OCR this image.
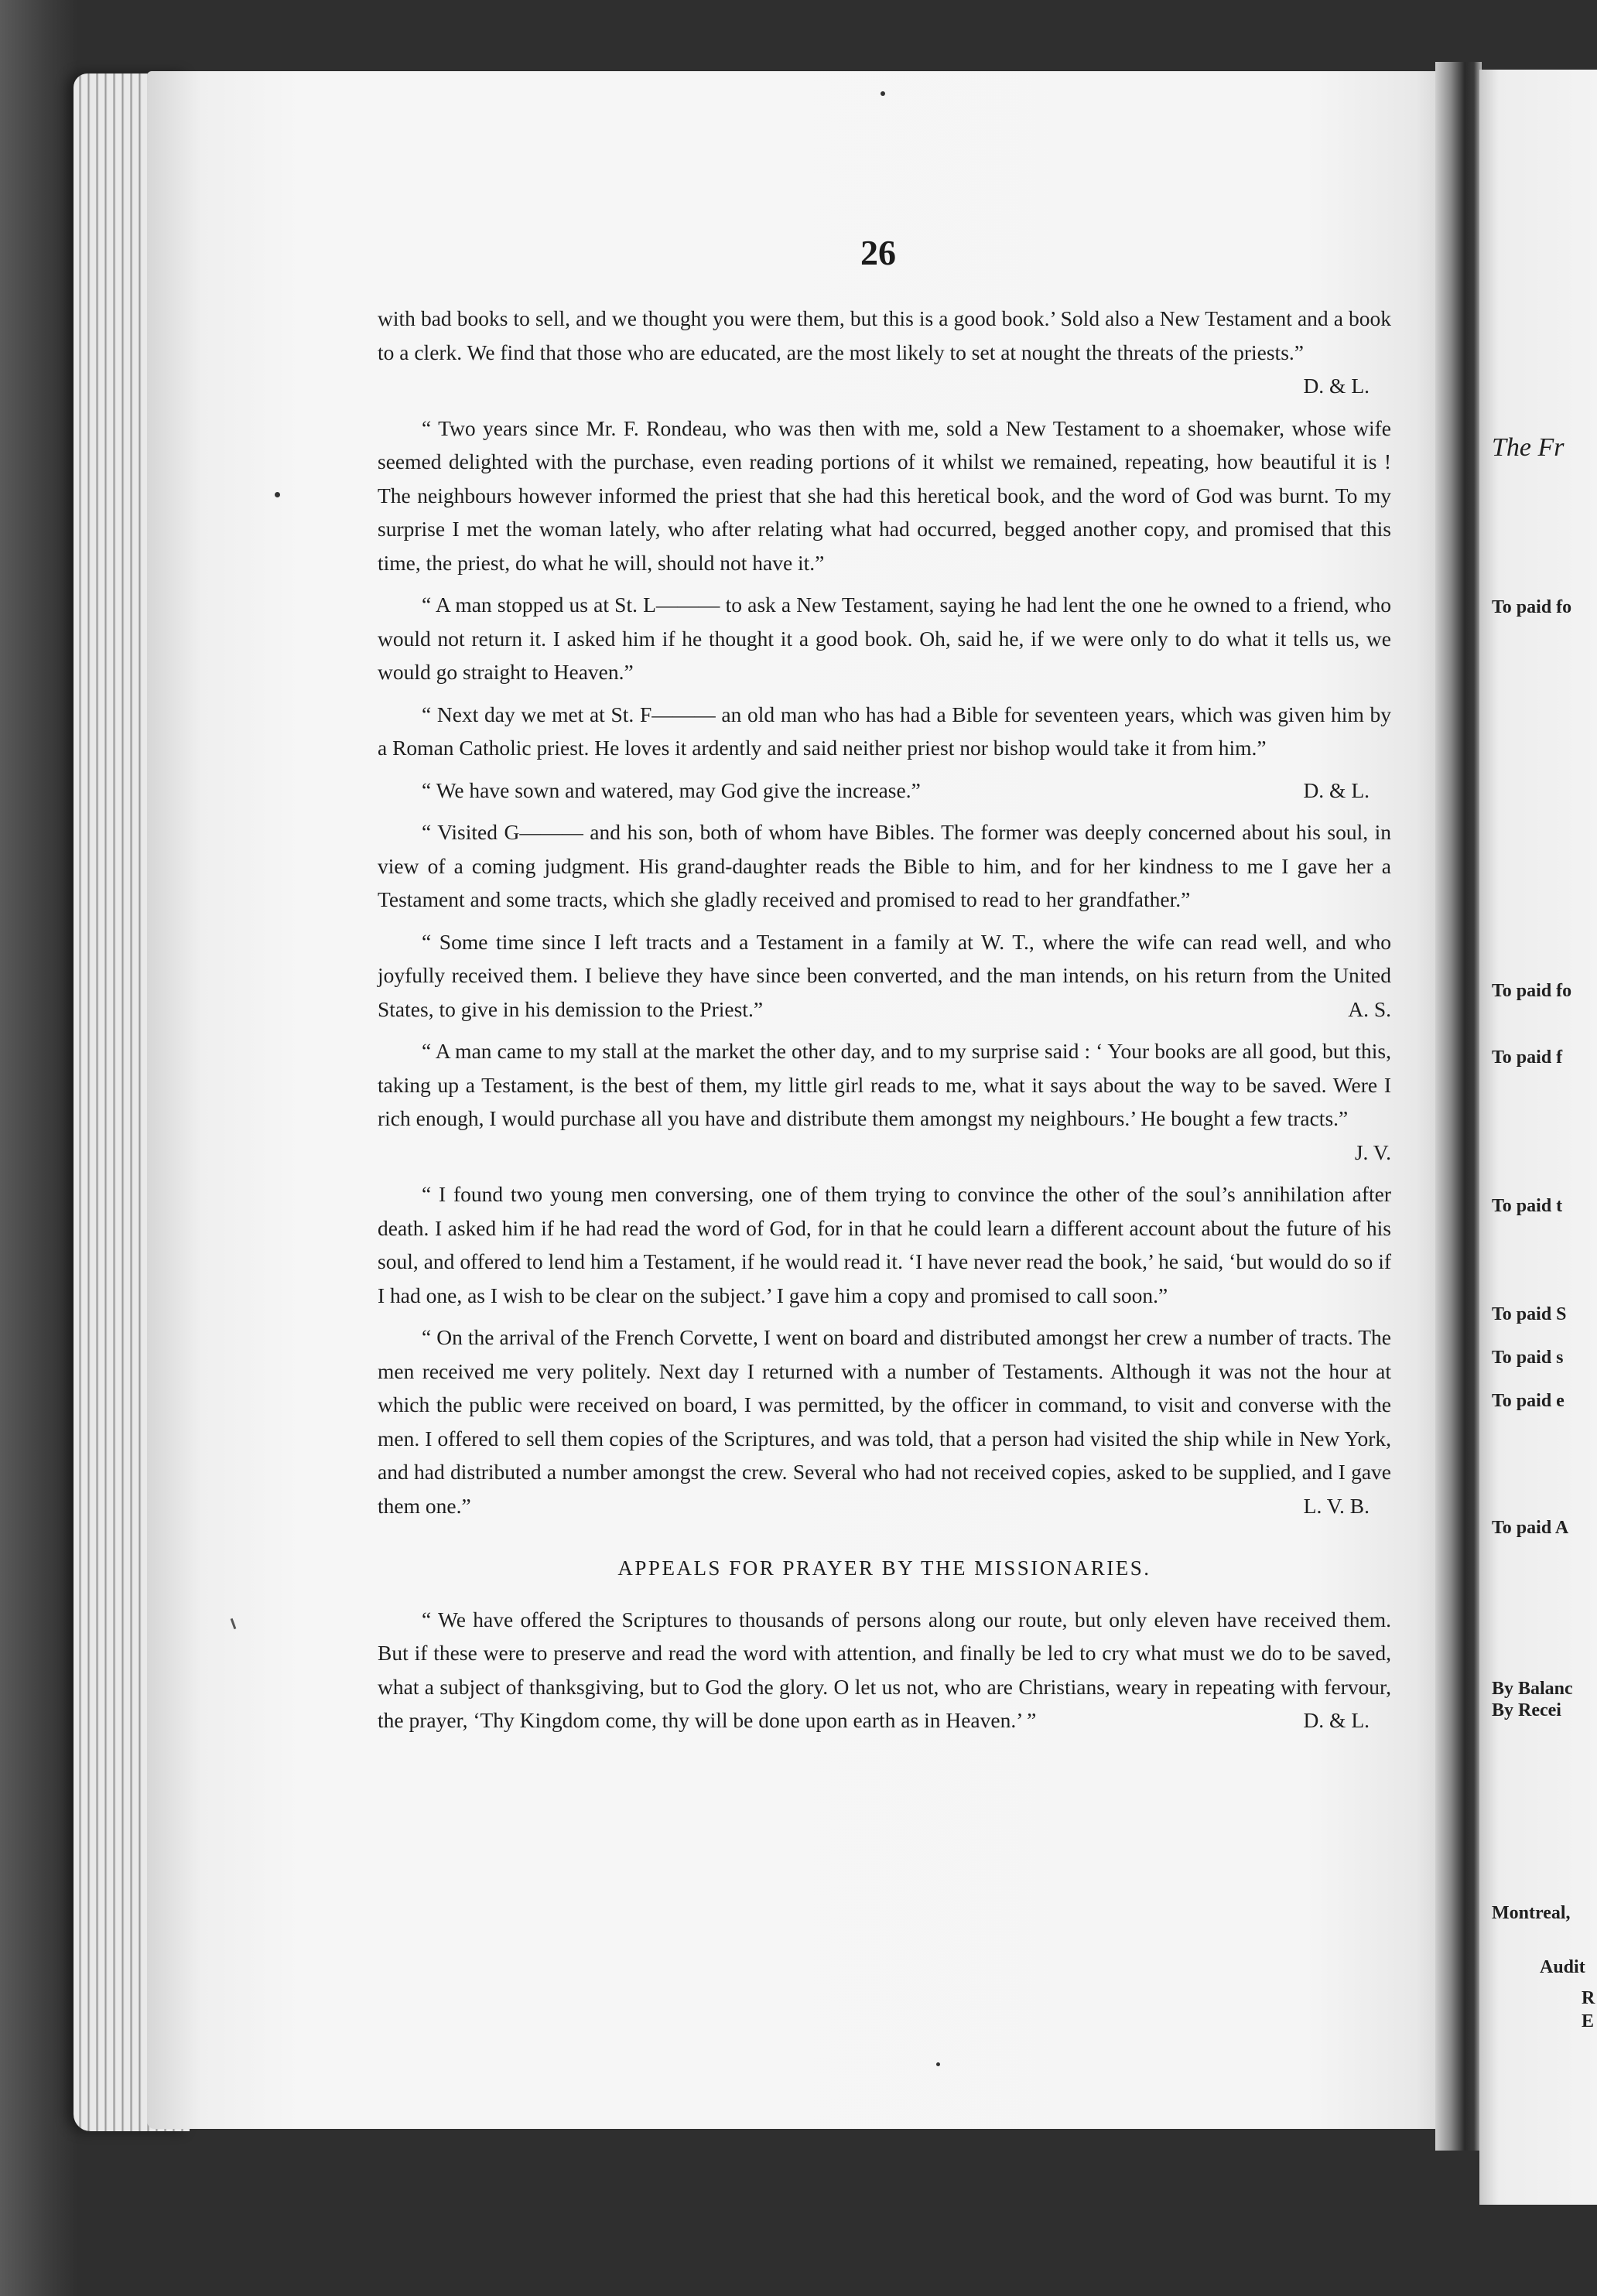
26

with bad books to sell, and we thought you were them, but this is a good book.’ Sold also a New Testament and a book to a clerk. We find that those who are educated, are the most likely to set at nought the threats of the priests.”
D. & L.

“ Two years since Mr. F. Rondeau, who was then with me, sold a New Testament to a shoemaker, whose wife seemed delighted with the purchase, even reading portions of it whilst we remained, repeating, how beautiful it is ! The neighbours however informed the priest that she had this heretical book, and the word of God was burnt. To my surprise I met the woman lately, who after relating what had occurred, begged another copy, and promised that this time, the priest, do what he will, should not have it.”

“ A man stopped us at St. L——— to ask a New Testament, saying he had lent the one he owned to a friend, who would not return it. I asked him if he thought it a good book. Oh, said he, if we were only to do what it tells us, we would go straight to Heaven.”

“ Next day we met at St. F——— an old man who has had a Bible for seventeen years, which was given him by a Roman Catholic priest. He loves it ardently and said neither priest nor bishop would take it from him.”

“ We have sown and watered, may God give the increase.”	D. & L.

“ Visited G——— and his son, both of whom have Bibles. The former was deeply concerned about his soul, in view of a coming judgment. His grand-daughter reads the Bible to him, and for her kindness to me I gave her a Testament and some tracts, which she gladly received and promised to read to her grandfather.”

“ Some time since I left tracts and a Testament in a family at W. T., where the wife can read well, and who joyfully received them. I believe they have since been converted, and the man intends, on his return from the United States, to give in his demission to the Priest.”	A. S.

“ A man came to my stall at the market the other day, and to my surprise said : ‘ Your books are all good, but this, taking up a Testament, is the best of them, my little girl reads to me, what it says about the way to be saved. Were I rich enough, I would purchase all you have and distribute them amongst my neighbours.’ He bought a few tracts.”
J. V.

“ I found two young men conversing, one of them trying to convince the other of the soul’s annihilation after death. I asked him if he had read the word of God, for in that he could learn a different account about the future of his soul, and offered to lend him a Testament, if he would read it. ‘I have never read the book,’ he said, ‘but would do so if I had one, as I wish to be clear on the subject.’ I gave him a copy and promised to call soon.”

“ On the arrival of the French Corvette, I went on board and distributed amongst her crew a number of tracts. The men received me very politely. Next day I returned with a number of Testaments. Although it was not the hour at which the public were received on board, I was permitted, by the officer in command, to visit and converse with the men. I offered to sell them copies of the Scriptures, and was told, that a person had visited the ship while in New York, and had distributed a number amongst the crew. Several who had not received copies, asked to be supplied, and I gave them one.”	L. V. B.

APPEALS FOR PRAYER BY THE MISSIONARIES.

“ We have offered the Scriptures to thousands of persons along our route, but only eleven have received them. But if these were to preserve and read the word with attention, and finally be led to cry what must we do to be saved, what a subject of thanksgiving, but to God the glory. O let us not, who are Christians, weary in repeating with fervour, the prayer, ‘Thy Kingdom come, thy will be done upon earth as in Heaven.’ ”	D. & L.

The Fr
To paid fo
To paid fo
To paid f
To paid t
To paid S
To paid s
To paid e
To paid A
By Balanc
By Recei
Montreal,
Audit
R
E
